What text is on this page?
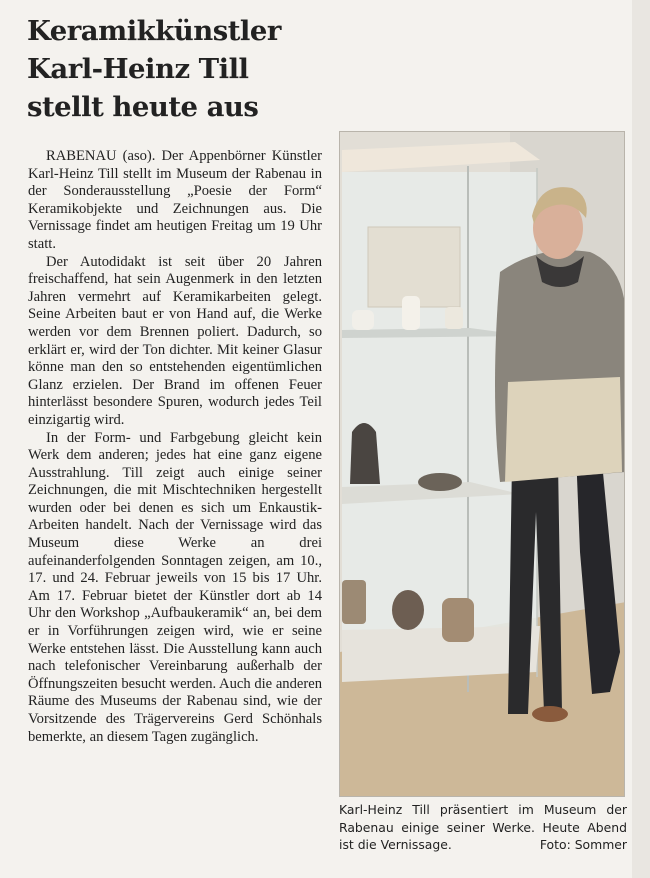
Keramikkünstler
Karl-Heinz Till
stellt heute aus

RABENAU (aso). Der Appenbörner Künstler Karl-Heinz Till stellt im Museum der Rabenau in der Sonderausstellung „Poesie der Form“ Keramikobjekte und Zeichnungen aus. Die Vernissage findet am heutigen Freitag um 19 Uhr statt.

Der Autodidakt ist seit über 20 Jahren freischaffend, hat sein Augenmerk in den letzten Jahren vermehrt auf Keramikarbeiten gelegt. Seine Arbeiten baut er von Hand auf, die Werke werden vor dem Brennen poliert. Dadurch, so erklärt er, wird der Ton dichter. Mit keiner Glasur könne man den so entstehenden eigentümlichen Glanz erzielen. Der Brand im offenen Feuer hinterlässt besondere Spuren, wodurch jedes Teil einzigartig wird.

In der Form- und Farbgebung gleicht kein Werk dem anderen; jedes hat eine ganz eigene Ausstrahlung. Till zeigt auch einige seiner Zeichnungen, die mit Mischtechniken hergestellt wurden oder bei denen es sich um Enkaustik-Arbeiten handelt. Nach der Vernissage wird das Museum diese Werke an drei aufeinanderfolgenden Sonntagen zeigen, am 10., 17. und 24. Februar jeweils von 15 bis 17 Uhr. Am 17. Februar bietet der Künstler dort ab 14 Uhr den Workshop „Aufbaukeramik“ an, bei dem er in Vorführungen zeigen wird, wie er seine Werke entstehen lässt. Die Ausstellung kann auch nach telefonischer Vereinbarung außerhalb der Öffnungszeiten besucht werden. Auch die anderen Räume des Museums der Rabenau sind, wie der Vorsitzende des Trägervereins Gerd Schönhals bemerkte, an diesem Tagen zugänglich.

Karl-Heinz Till präsentiert im Museum der Rabenau einige seiner Werke. Heute Abend ist die Vernissage.	Foto: Sommer
